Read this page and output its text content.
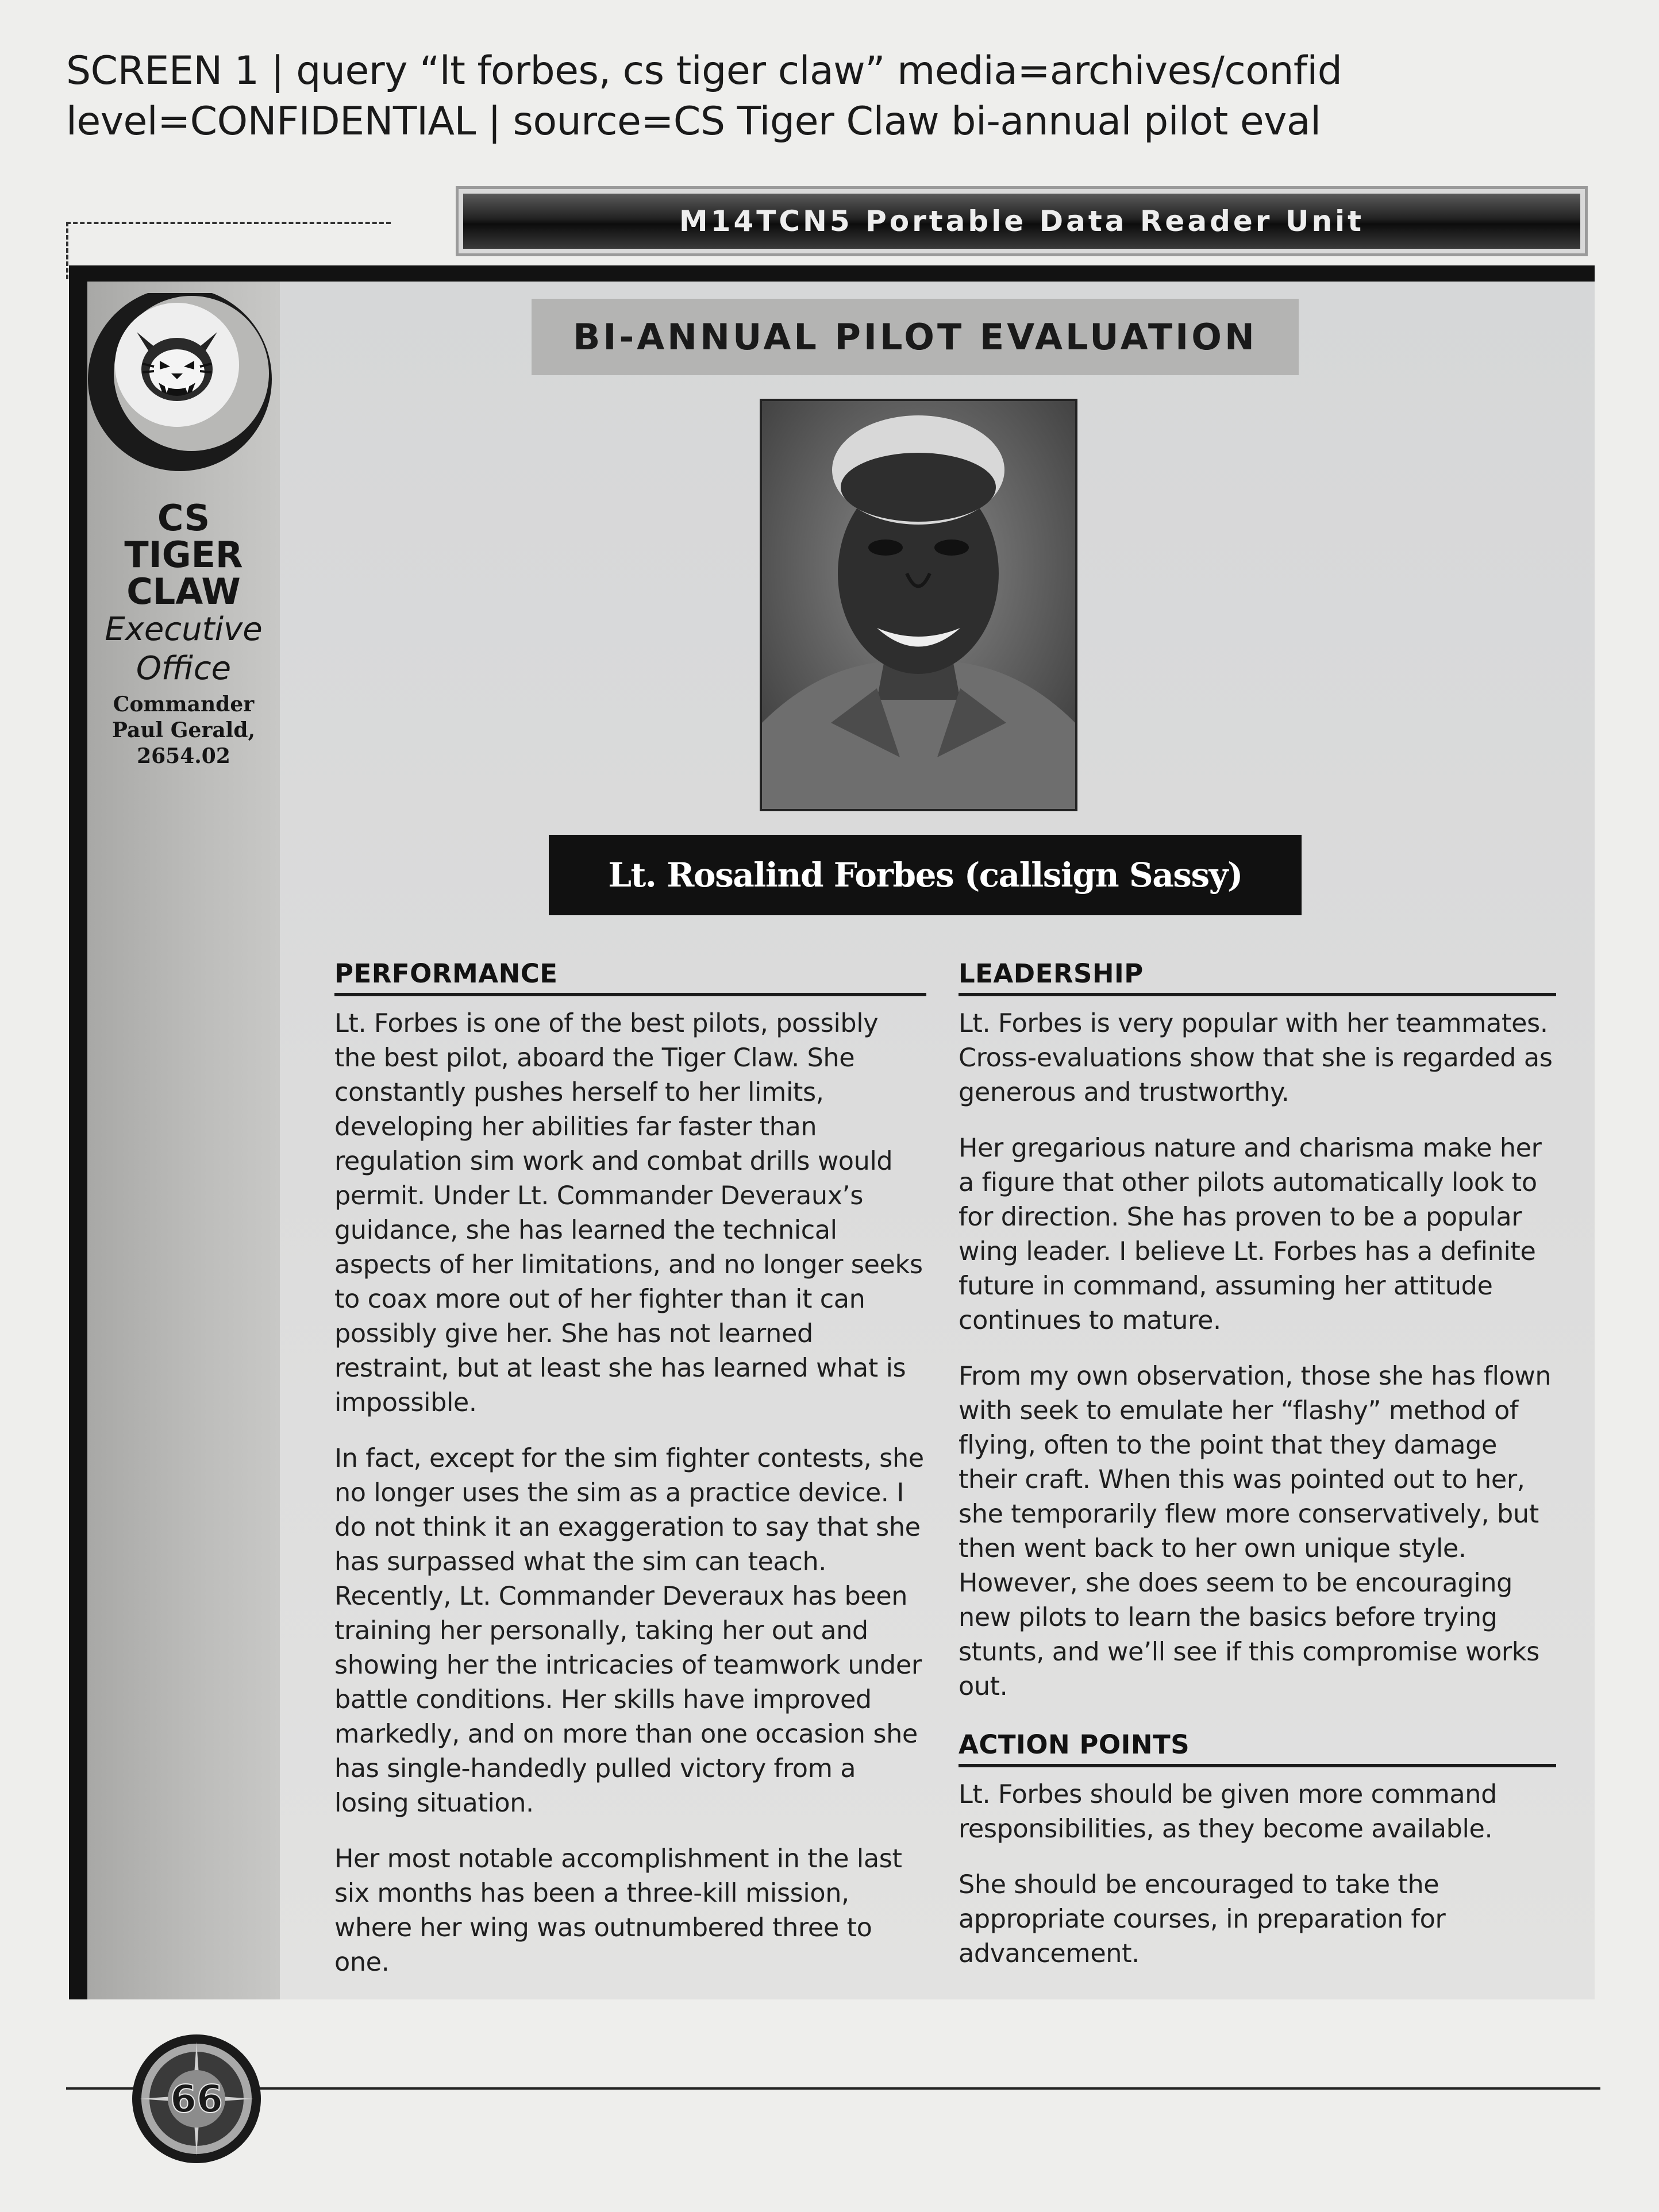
SCREEN 1 | query “lt forbes, cs tiger claw” media=archives/confid
level=CONFIDENTIAL | source=CS Tiger Claw bi-annual pilot eval
M14TCN5 Portable Data Reader Unit
CS
TIGER
CLAW
Executive
Office
Commander
Paul Gerald,
2654.02
BI-ANNUAL PILOT EVALUATION
Lt. Rosalind Forbes (callsign Sassy)
PERFORMANCE

Lt. Forbes is one of the best pilots, possibly the best pilot, aboard the Tiger Claw. She constantly pushes herself to her limits, developing her abilities far faster than regulation sim work and combat drills would permit. Under Lt. Commander Deveraux’s guidance, she has learned the technical aspects of her limitations, and no longer seeks to coax more out of her fighter than it can possibly give her. She has not learned restraint, but at least she has learned what is impossible.

In fact, except for the sim fighter contests, she no longer uses the sim as a practice device. I do not think it an exaggeration to say that she has surpassed what the sim can teach. Recently, Lt. Commander Deveraux has been training her personally, taking her out and showing her the intricacies of teamwork under battle conditions. Her skills have improved markedly, and on more than one occasion she has single-handedly pulled victory from a losing situation.

Her most notable accomplishment in the last six months has been a three-kill mission, where her wing was outnumbered three to one.

LEADERSHIP

Lt. Forbes is very popular with her teammates. Cross-evaluations show that she is regarded as generous and trustworthy.

Her gregarious nature and charisma make her a figure that other pilots automatically look to for direction. She has proven to be a popular wing leader. I believe Lt. Forbes has a definite future in command, assuming her attitude continues to mature.

From my own observation, those she has flown with seek to emulate her “flashy” method of flying, often to the point that they damage their craft. When this was pointed out to her, she temporarily flew more conservatively, but then went back to her own unique style. However, she does seem to be encouraging new pilots to learn the basics before trying stunts, and we’ll see if this compromise works out.

ACTION POINTS

Lt. Forbes should be given more command responsibilities, as they become available.

She should be encouraged to take the appropriate courses, in preparation for advancement.

66
